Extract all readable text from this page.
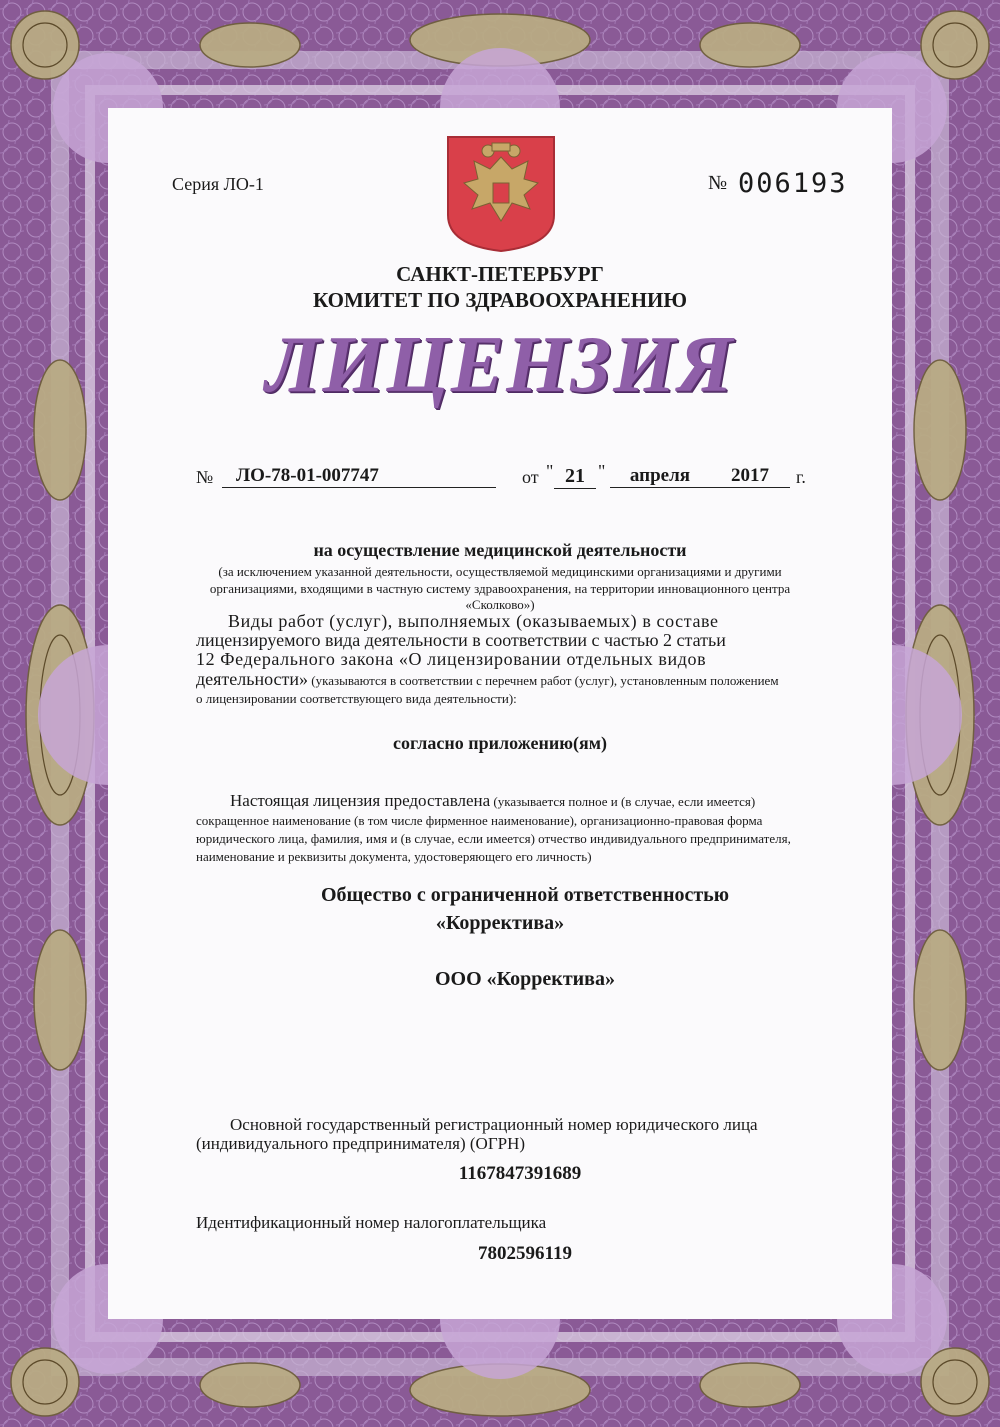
Серия ЛО-1	№ 006193
САНКТ-ПЕТЕРБУРГ
КОМИТЕТ ПО ЗДРАВООХРАНЕНИЮ
ЛИЦЕНЗИЯ
№	ЛО-78-01-007747	от " 21 "	апреля	2017	г.
на осуществление медицинской деятельности
(за исключением указанной деятельности, осуществляемой медицинскими организациями и другими
организациями, входящими в частную систему здравоохранения, на территории инновационного центра
«Сколково»)
Виды работ (услуг), выполняемых (оказываемых) в составе
лицензируемого вида деятельности в соответствии с частью 2 статьи
12 Федерального закона «О лицензировании отдельных видов
деятельности» (указываются в соответствии с перечнем работ (услуг), установленным положением
о лицензировании соответствующего вида деятельности):
согласно приложению(ям)
Настоящая лицензия предоставлена (указывается полное и (в случае, если имеется)
сокращенное наименование (в том числе фирменное наименование), организационно-правовая форма
юридического лица, фамилия, имя и (в случае, если имеется) отчество индивидуального предпринимателя,
наименование и реквизиты документа, удостоверяющего его личность)
Общество с ограниченной ответственностью
«Корректива»
ООО «Корректива»
Основной государственный регистрационный номер юридического лица
(индивидуального предпринимателя) (ОГРН)
1167847391689
Идентификационный номер налогоплательщика
7802596119
